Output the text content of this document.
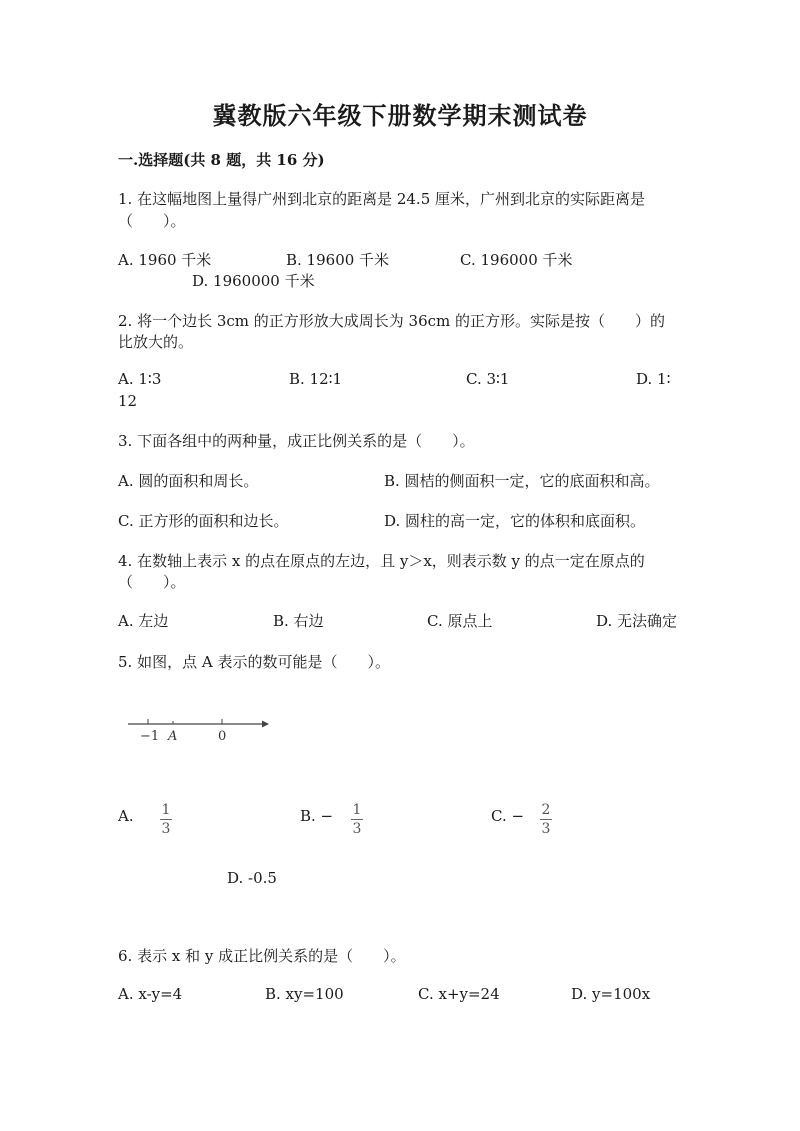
冀教版六年级下册数学期末测试卷
一.选择题(共 8 题，共 16 分)
1. 在这幅地图上量得广州到北京的距离是 24.5 厘米，广州到北京的实际距离是
（　　）。
A. 1960 千米	B. 19600 千米	C. 196000 千米
D. 1960000 千米
2. 将一个边长 3cm 的正方形放大成周长为 36cm 的正方形。实际是按（　　）的
比放大的。
A. 1∶3	B. 12∶1	C. 3∶1	D. 1∶
12
3. 下面各组中的两种量，成正比例关系的是（　　）。
A. 圆的面积和周长。	B. 圆桔的侧面积一定，它的底面积和高。
C. 正方形的面积和边长。	D. 圆柱的高一定，它的体积和底面积。
4. 在数轴上表示 x 的点在原点的左边，且 y＞x，则表示数 y 的点一定在原点的
（　　）。
A. 左边	B. 右边	C. 原点上	D. 无法确定
5. 如图，点 A 表示的数可能是（　　）。
−1 A	0
A. 1
3
B. − 1
3
C. − 2
3
D. -0.5
6. 表示 x 和 y 成正比例关系的是（　　）。
A. x-y=4	B. xy=100	C. x+y=24	D. y=100x
